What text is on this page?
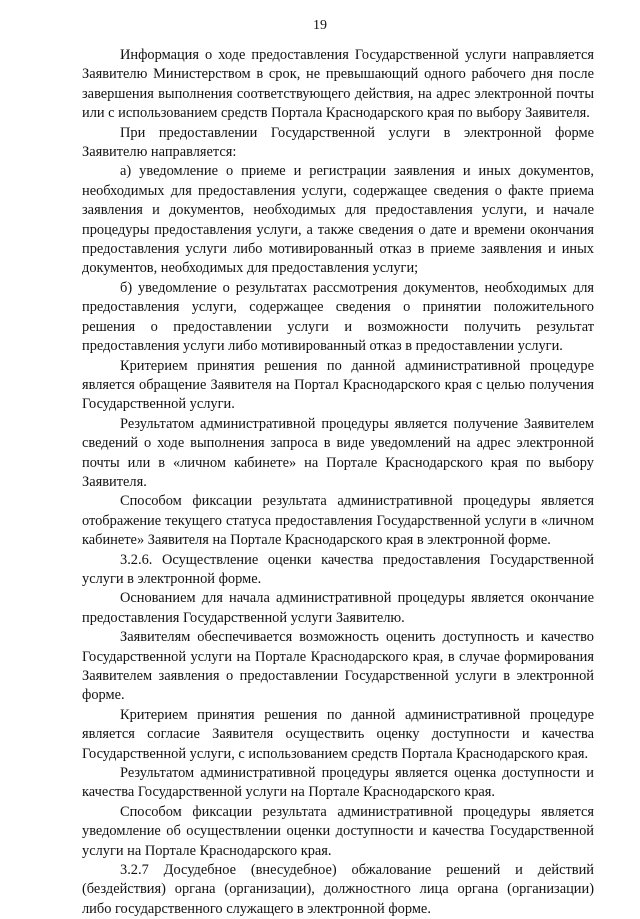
19

Информация о ходе предоставления Государственной услуги направляется Заявителю Министерством в срок, не превышающий одного рабочего дня после завершения выполнения соответствующего действия, на адрес электронной почты или с использованием средств Портала Краснодарского края по выбору Заявителя.

При предоставлении Государственной услуги в электронной форме Заявителю направляется:

а) уведомление о приеме и регистрации заявления и иных документов, необходимых для предоставления услуги, содержащее сведения о факте приема заявления и документов, необходимых для предоставления услуги, и начале процедуры предоставления услуги, а также сведения о дате и времени окончания предоставления услуги либо мотивированный отказ в приеме заявления и иных документов, необходимых для предоставления услуги;

б) уведомление о результатах рассмотрения документов, необходимых для предоставления услуги, содержащее сведения о принятии положительного решения о предоставлении услуги и возможности получить результат предоставления услуги либо мотивированный отказ в предоставлении услуги.

Критерием принятия решения по данной административной процедуре является обращение Заявителя на Портал Краснодарского края с целью получения Государственной услуги.

Результатом административной процедуры является получение Заявителем сведений о ходе выполнения запроса в виде уведомлений на адрес электронной почты или в «личном кабинете» на Портале Краснодарского края по выбору Заявителя.

Способом фиксации результата административной процедуры является отображение текущего статуса предоставления Государственной услуги в «личном кабинете» Заявителя на Портале Краснодарского края в электронной форме.

3.2.6. Осуществление оценки качества предоставления Государственной услуги в электронной форме.

Основанием для начала административной процедуры является окончание предоставления Государственной услуги Заявителю.

Заявителям обеспечивается возможность оценить доступность и качество Государственной услуги на Портале Краснодарского края, в случае формирования Заявителем заявления о предоставлении Государственной услуги в электронной форме.

Критерием принятия решения по данной административной процедуре является согласие Заявителя осуществить оценку доступности и качества Государственной услуги, с использованием средств Портала Краснодарского края.

Результатом административной процедуры является оценка доступности и качества Государственной услуги на Портале Краснодарского края.

Способом фиксации результата административной процедуры является уведомление об осуществлении оценки доступности и качества Государственной услуги на Портале Краснодарского края.

3.2.7 Досудебное (внесудебное) обжалование решений и действий (бездействия) органа (организации), должностного лица органа (организации) либо государственного служащего в электронной форме.
